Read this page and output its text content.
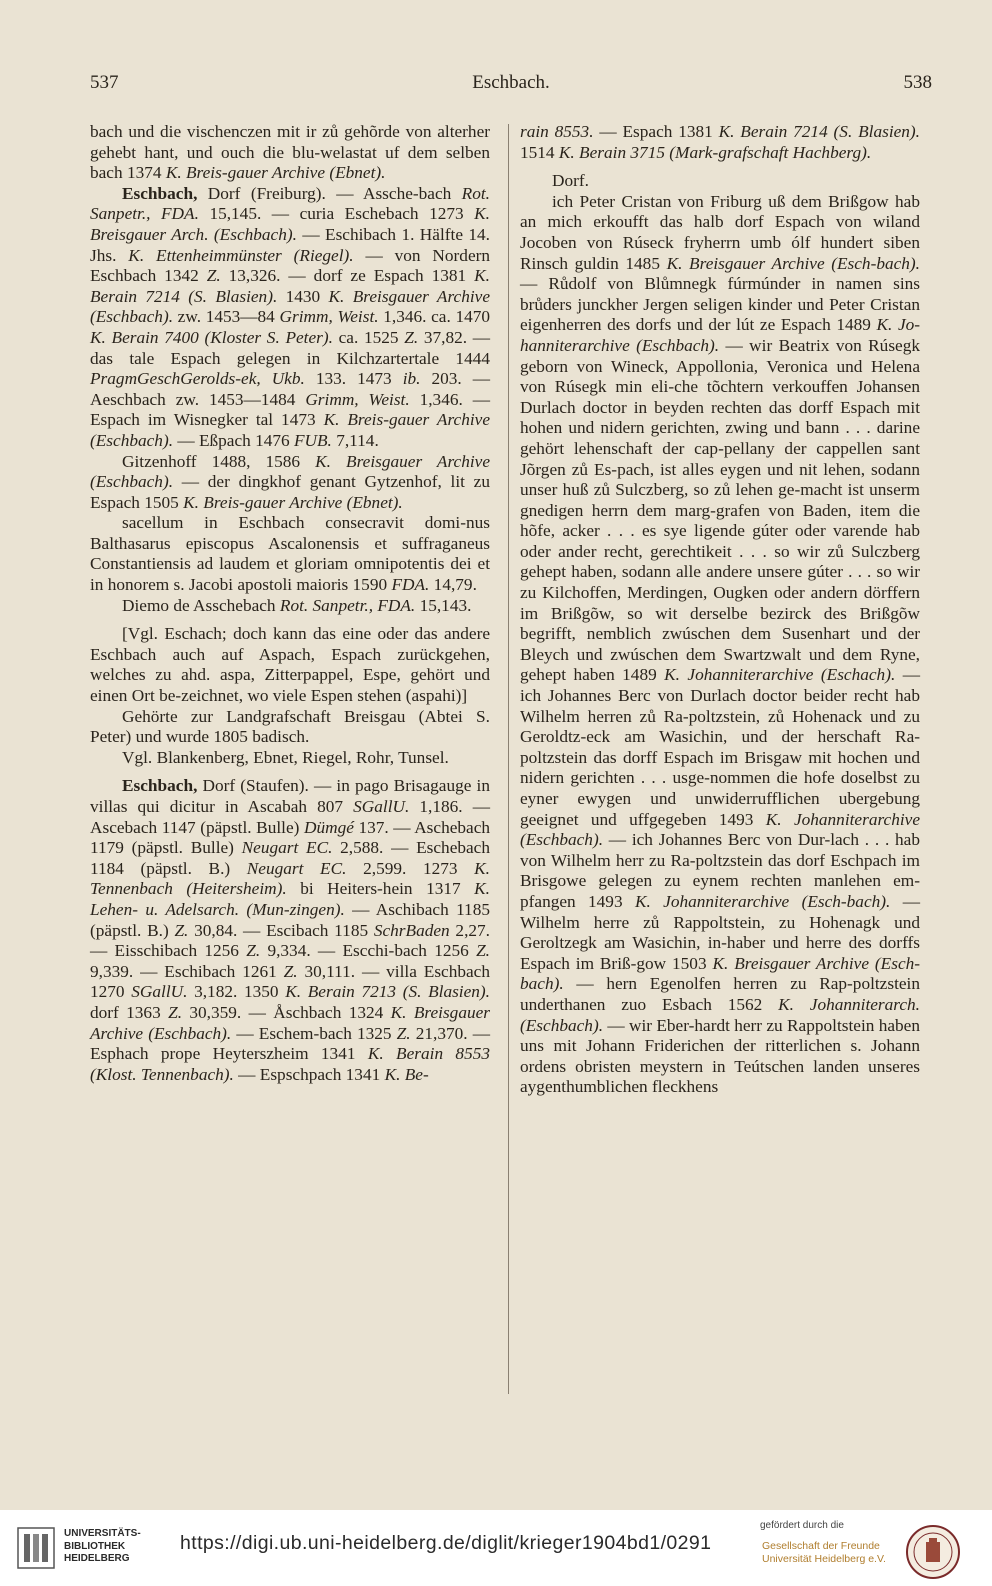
537	Eschbach.	538

bach und die vischenczen mit ir zů gehõrde von alterher gehebt hant, und ouch die blu-welastat uf dem selben bach 1374 K. Breis-gauer Archive (Ebnet).

Eschbach, Dorf (Freiburg). — Assche-bach Rot. Sanpetr., FDA. 15,145. — curia Eschebach 1273 K. Breisgauer Arch. (Eschbach). — Eschibach 1. Hälfte 14. Jhs. K. Ettenheimmünster (Riegel). — von Nordern Eschbach 1342 Z. 13,326. — dorf ze Espach 1381 K. Berain 7214 (S. Blasien). 1430 K. Breisgauer Archive (Eschbach). zw. 1453—84 Grimm, Weist. 1,346. ca. 1470 K. Berain 7400 (Kloster S. Peter). ca. 1525 Z. 37,82. — das tale Espach gelegen in Kilchzartertale 1444 PragmGeschGerolds-ek, Ukb. 133. 1473 ib. 203. — Aeschbach zw. 1453—1484 Grimm, Weist. 1,346. — Espach im Wisnegker tal 1473 K. Breis-gauer Archive (Eschbach). — Eßpach 1476 FUB. 7,114.

Gitzenhoff 1488, 1586 K. Breisgauer Archive (Eschbach). — der dingkhof genant Gytzenhof, lit zu Espach 1505 K. Breis-gauer Archive (Ebnet).

sacellum in Eschbach consecravit domi-nus Balthasarus episcopus Ascalonensis et suffraganeus Constantiensis ad laudem et gloriam omnipotentis dei et in honorem s. Jacobi apostoli maioris 1590 FDA. 14,79.

Diemo de Asschebach Rot. Sanpetr., FDA. 15,143.

[Vgl. Eschach; doch kann das eine oder das andere Eschbach auch auf Aspach, Espach zurückgehen, welches zu ahd. aspa, Zitterpappel, Espe, gehört und einen Ort be-zeichnet, wo viele Espen stehen (aspahi)]

Gehörte zur Landgrafschaft Breisgau (Abtei S. Peter) und wurde 1805 badisch.

Vgl. Blankenberg, Ebnet, Riegel, Rohr, Tunsel.

Eschbach, Dorf (Staufen). — in pago Brisagauge in villas qui dicitur in Ascabah 807 SGallU. 1,186. — Ascebach 1147 (päpstl. Bulle) Dümgé 137. — Aschebach 1179 (päpstl. Bulle) Neugart EC. 2,588. — Eschebach 1184 (päpstl. B.) Neugart EC. 2,599. 1273 K. Tennenbach (Heitersheim). bi Heiters-hein 1317 K. Lehen- u. Adelsarch. (Mun-zingen). — Aschibach 1185 (päpstl. B.) Z. 30,84. — Escibach 1185 SchrBaden 2,27. — Eisschibach 1256 Z. 9,334. — Escchi-bach 1256 Z. 9,339. — Eschibach 1261 Z. 30,111. — villa Eschbach 1270 SGallU. 3,182. 1350 K. Berain 7213 (S. Blasien). dorf 1363 Z. 30,359. — Åschbach 1324 K. Breisgauer Archive (Eschbach). — Eschem-bach 1325 Z. 21,370. — Esphach prope Heyterszheim 1341 K. Berain 8553 (Klost. Tennenbach). — Espschpach 1341 K. Be-

rain 8553. — Espach 1381 K. Berain 7214 (S. Blasien). 1514 K. Berain 3715 (Mark-grafschaft Hachberg).

Dorf.

ich Peter Cristan von Friburg uß dem Brißgow hab an mich erkoufft das halb dorf Espach von wiland Jocoben von Rúseck fryherrn umb ólf hundert siben Rinsch guldin 1485 K. Breisgauer Archive (Esch-bach). — Růdolf von Blůmnegk fúrmúnder in namen sins brůders junckher Jergen seligen kinder und Peter Cristan eigenherren des dorfs und der lút ze Espach 1489 K. Jo-hanniterarchive (Eschbach). — wir Beatrix von Rúsegk geborn von Wineck, Appollonia, Veronica und Helena von Rúsegk min eli-che tõchtern verkouffen Johansen Durlach doctor in beyden rechten das dorff Espach mit hohen und nidern gerichten, zwing und bann . . . darine gehört lehenschaft der cap-pellany der cappellen sant Jõrgen zů Es-pach, ist alles eygen und nit lehen, sodann unser huß zů Sulczberg, so zů lehen ge-macht ist unserm gnedigen herrn dem marg-grafen von Baden, item die hõfe, acker . . . es sye ligende gúter oder varende hab oder ander recht, gerechtikeit . . . so wir zů Sulczberg gehept haben, sodann alle andere unsere gúter . . . so wir zu Kilchoffen, Merdingen, Ougken oder andern dörffern im Brißgõw, so wit derselbe bezirck des Brißgõw begrifft, nemblich zwúschen dem Susenhart und der Bleych und zwúschen dem Swartzwalt und dem Ryne, gehept haben 1489 K. Johanniterarchive (Eschach). — ich Johannes Berc von Durlach doctor beider recht hab Wilhelm herren zů Ra-poltzstein, zů Hohenack und zu Geroldtz-eck am Wasichin, und der herschaft Ra-poltzstein das dorff Espach im Brisgaw mit hochen und nidern gerichten . . . usge-nommen die hofe doselbst zu eyner ewygen und unwiderrufflichen ubergebung geeignet und uffgegeben 1493 K. Johanniterarchive (Eschbach). — ich Johannes Berc von Dur-lach . . . hab von Wilhelm herr zu Ra-poltzstein das dorf Eschpach im Brisgowe gelegen zu eynem rechten manlehen em-pfangen 1493 K. Johanniterarchive (Esch-bach). — Wilhelm herre zů Rappoltstein, zu Hohenagk und Geroltzegk am Wasichin, in-haber und herre des dorffs Espach im Briß-gow 1503 K. Breisgauer Archive (Esch-bach). — hern Egenolfen herren zu Rap-poltzstein underthanen zuo Esbach 1562 K. Johanniterarch. (Eschbach). — wir Eber-hardt herr zu Rappoltstein haben uns mit Johann Friderichen der ritterlichen s. Johann ordens obristen meystern in Teútschen landen unseres aygenthumblichen fleckhens

UNIVERSITÄTS-
BIBLIOTHEK
HEIDELBERG
https://digi.ub.uni-heidelberg.de/diglit/krieger1904bd1/0291
gefördert durch die
Gesellschaft der Freunde
Universität Heidelberg e.V.
